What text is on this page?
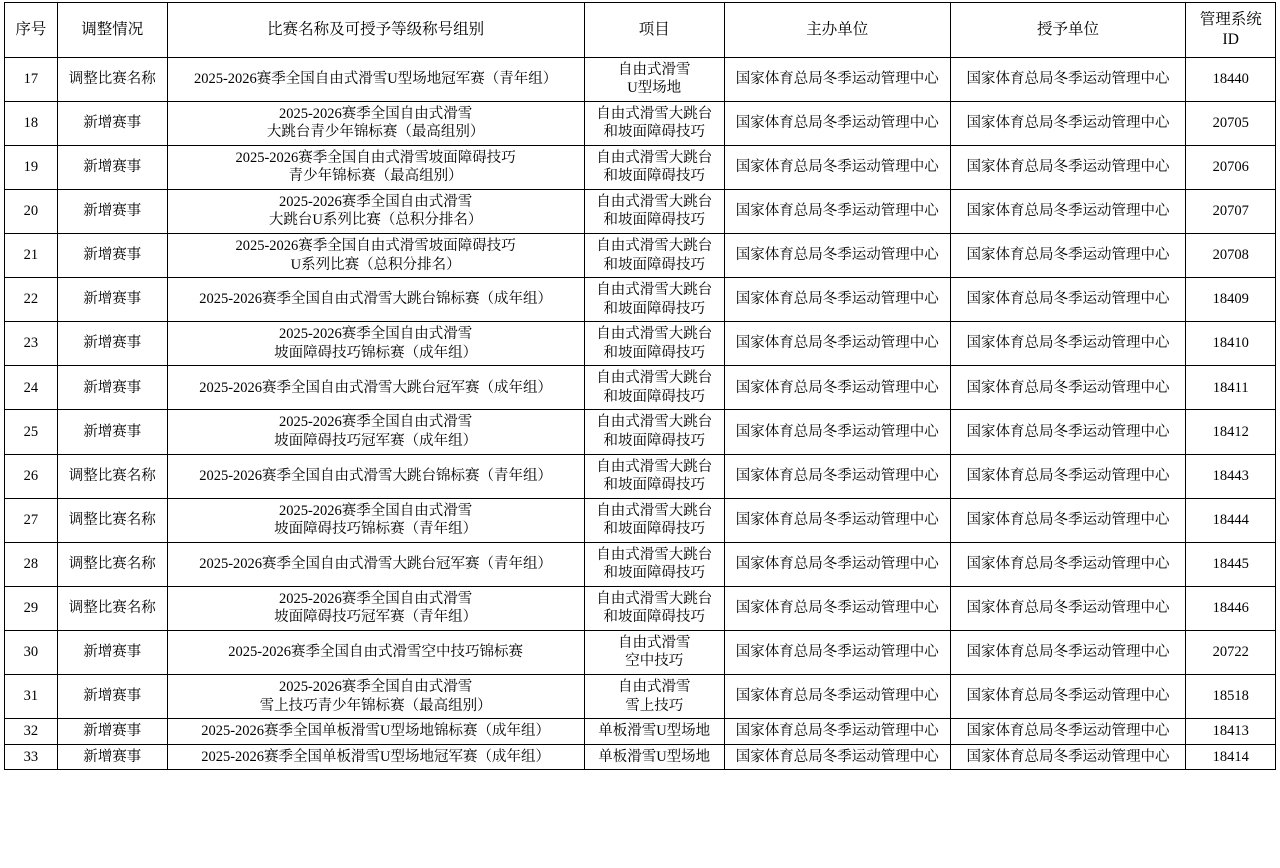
序号	调整情况	比赛名称及可授予等级称号组别	项目	主办单位	授予单位	管理系统
ID

17	调整比赛名称	2025-2026赛季全国自由式滑雪U型场地冠军赛（青年组）	自由式滑雪
U型场地	国家体育总局冬季运动管理中心	国家体育总局冬季运动管理中心	18440
18	新增赛事	2025-2026赛季全国自由式滑雪
大跳台青少年锦标赛（最高组别）	自由式滑雪大跳台
和坡面障碍技巧	国家体育总局冬季运动管理中心	国家体育总局冬季运动管理中心	20705
19	新增赛事	2025-2026赛季全国自由式滑雪坡面障碍技巧
青少年锦标赛（最高组别）	自由式滑雪大跳台
和坡面障碍技巧	国家体育总局冬季运动管理中心	国家体育总局冬季运动管理中心	20706
20	新增赛事	2025-2026赛季全国自由式滑雪
大跳台U系列比赛（总积分排名）	自由式滑雪大跳台
和坡面障碍技巧	国家体育总局冬季运动管理中心	国家体育总局冬季运动管理中心	20707
21	新增赛事	2025-2026赛季全国自由式滑雪坡面障碍技巧
U系列比赛（总积分排名）	自由式滑雪大跳台
和坡面障碍技巧	国家体育总局冬季运动管理中心	国家体育总局冬季运动管理中心	20708
22	新增赛事	2025-2026赛季全国自由式滑雪大跳台锦标赛（成年组）	自由式滑雪大跳台
和坡面障碍技巧	国家体育总局冬季运动管理中心	国家体育总局冬季运动管理中心	18409
23	新增赛事	2025-2026赛季全国自由式滑雪
坡面障碍技巧锦标赛（成年组）	自由式滑雪大跳台
和坡面障碍技巧	国家体育总局冬季运动管理中心	国家体育总局冬季运动管理中心	18410
24	新增赛事	2025-2026赛季全国自由式滑雪大跳台冠军赛（成年组）	自由式滑雪大跳台
和坡面障碍技巧	国家体育总局冬季运动管理中心	国家体育总局冬季运动管理中心	18411
25	新增赛事	2025-2026赛季全国自由式滑雪
坡面障碍技巧冠军赛（成年组）	自由式滑雪大跳台
和坡面障碍技巧	国家体育总局冬季运动管理中心	国家体育总局冬季运动管理中心	18412
26	调整比赛名称	2025-2026赛季全国自由式滑雪大跳台锦标赛（青年组）	自由式滑雪大跳台
和坡面障碍技巧	国家体育总局冬季运动管理中心	国家体育总局冬季运动管理中心	18443
27	调整比赛名称	2025-2026赛季全国自由式滑雪
坡面障碍技巧锦标赛（青年组）	自由式滑雪大跳台
和坡面障碍技巧	国家体育总局冬季运动管理中心	国家体育总局冬季运动管理中心	18444
28	调整比赛名称	2025-2026赛季全国自由式滑雪大跳台冠军赛（青年组）	自由式滑雪大跳台
和坡面障碍技巧	国家体育总局冬季运动管理中心	国家体育总局冬季运动管理中心	18445
29	调整比赛名称	2025-2026赛季全国自由式滑雪
坡面障碍技巧冠军赛（青年组）	自由式滑雪大跳台
和坡面障碍技巧	国家体育总局冬季运动管理中心	国家体育总局冬季运动管理中心	18446
30	新增赛事	2025-2026赛季全国自由式滑雪空中技巧锦标赛	自由式滑雪
空中技巧	国家体育总局冬季运动管理中心	国家体育总局冬季运动管理中心	20722
31	新增赛事	2025-2026赛季全国自由式滑雪
雪上技巧青少年锦标赛（最高组别）	自由式滑雪
雪上技巧	国家体育总局冬季运动管理中心	国家体育总局冬季运动管理中心	18518
32	新增赛事	2025-2026赛季全国单板滑雪U型场地锦标赛（成年组）	单板滑雪U型场地	国家体育总局冬季运动管理中心	国家体育总局冬季运动管理中心	18413
33	新增赛事	2025-2026赛季全国单板滑雪U型场地冠军赛（成年组）	单板滑雪U型场地	国家体育总局冬季运动管理中心	国家体育总局冬季运动管理中心	18414
